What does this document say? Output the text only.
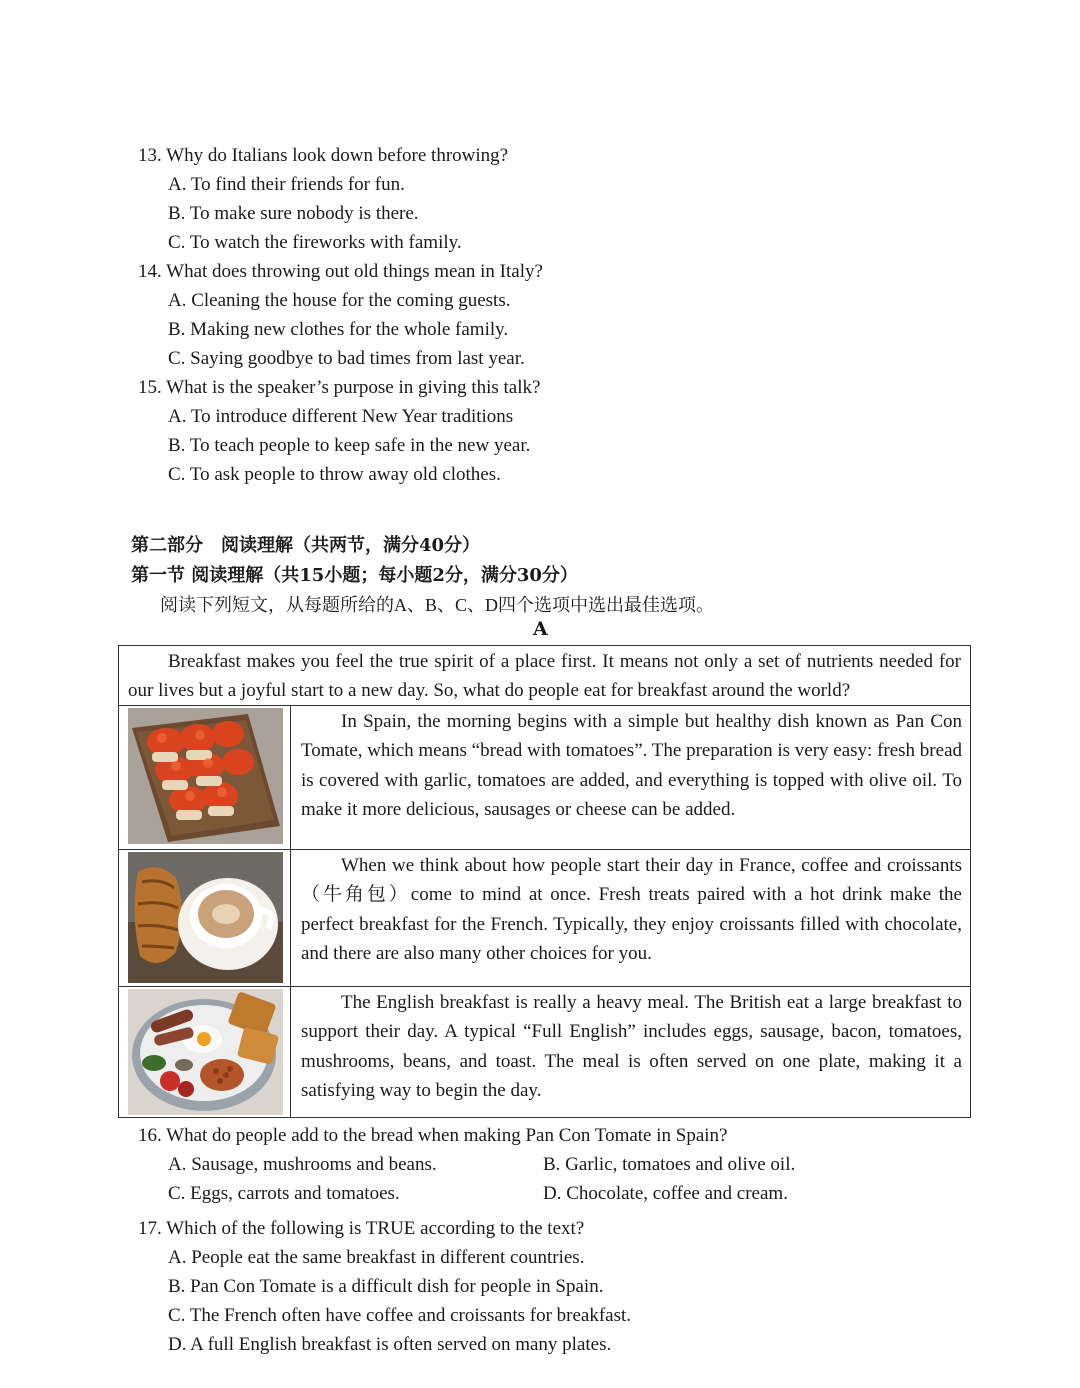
13. Why do Italians look down before throwing?
A. To find their friends for fun.
B. To make sure nobody is there.
C. To watch the fireworks with family.
14. What does throwing out old things mean in Italy?
A. Cleaning the house for the coming guests.
B. Making new clothes for the whole family.
C. Saying goodbye to bad times from last year.
15. What is the speaker’s purpose in giving this talk?
A. To introduce different New Year traditions
B. To teach people to keep safe in the new year.
C. To ask people to throw away old clothes.
第二部分　阅读理解（共两节，满分40分）
第一节 阅读理解（共15小题；每小题2分，满分30分）
阅读下列短文，从每题所给的A、B、C、D四个选项中选出最佳选项。
A
Breakfast makes you feel the true spirit of a place first. It means not only a set of nutrients needed for our lives but a joyful start to a new day. So, what do people eat for breakfast around the world?
In Spain, the morning begins with a simple but healthy dish known as Pan Con Tomate, which means “bread with tomatoes”. The preparation is very easy: fresh bread is covered with garlic, tomatoes are added, and everything is topped with olive oil. To make it more delicious, sausages or cheese can be added.
When we think about how people start their day in France, coffee and croissants（牛角包）come to mind at once. Fresh treats paired with a hot drink make the perfect breakfast for the French. Typically, they enjoy croissants filled with chocolate, and there are also many other choices for you.
The English breakfast is really a heavy meal. The British eat a large breakfast to support their day. A typical “Full English” includes eggs, sausage, bacon, tomatoes, mushrooms, beans, and toast. The meal is often served on one plate, making it a satisfying way to begin the day.
16. What do people add to the bread when making Pan Con Tomate in Spain?
A. Sausage, mushrooms and beans.	B. Garlic, tomatoes and olive oil.
C. Eggs, carrots and tomatoes.	D. Chocolate, coffee and cream.
17. Which of the following is TRUE according to the text?
A. People eat the same breakfast in different countries.
B. Pan Con Tomate is a difficult dish for people in Spain.
C. The French often have coffee and croissants for breakfast.
D. A full English breakfast is often served on many plates.
